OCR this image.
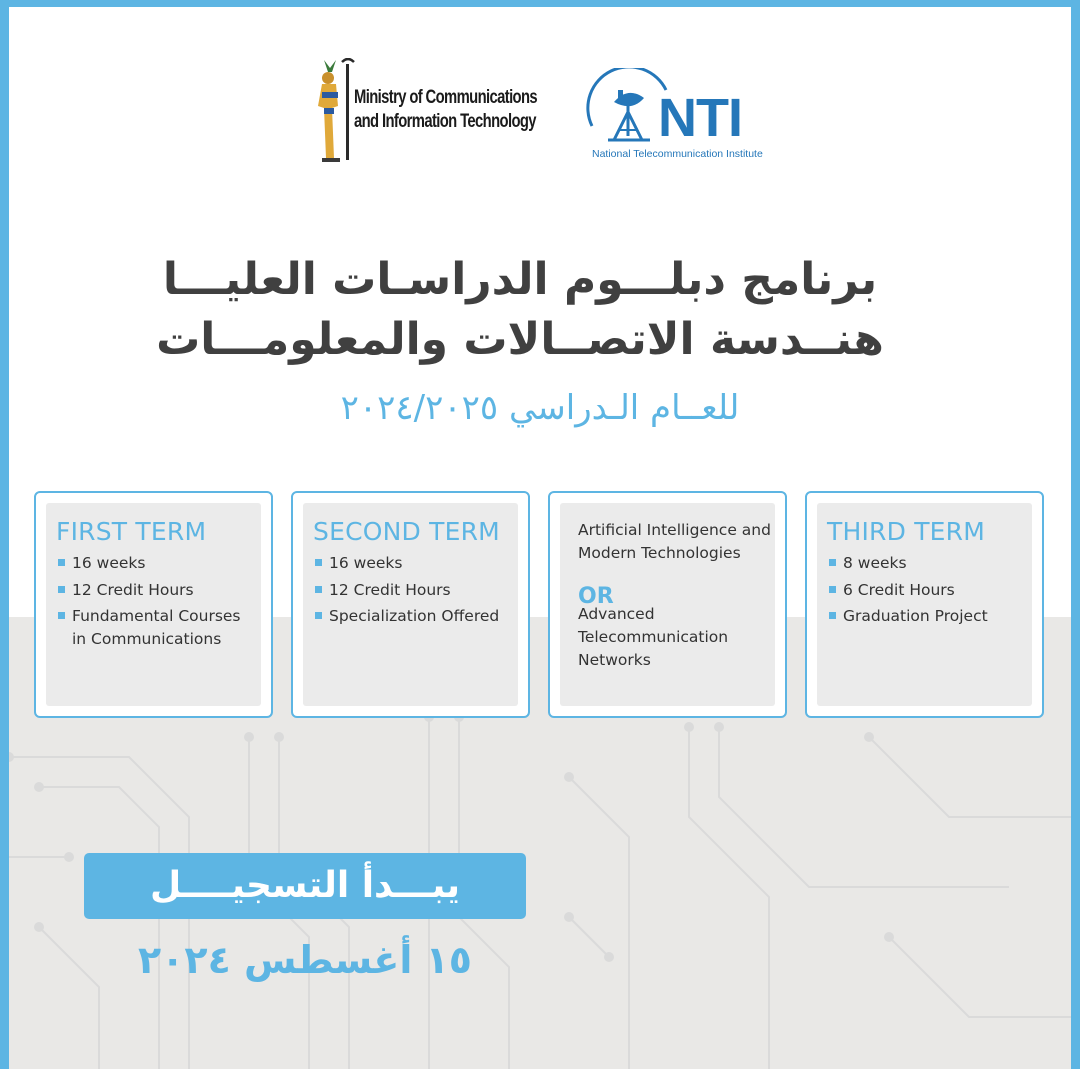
Ministry of Communications
and Information Technology NTI
National Telecommunication Institute
برنامج دبلـــوم الدراسـات العليـــا
هنــدسة الاتصــالات والمعلومـــات
للعــام الـدراسي ٢٠٢٤/٢٠٢٥
FIRST TERM
16 weeks
12 Credit Hours
Fundamental Courses in Communications
SECOND TERM
16 weeks
12 Credit Hours
Specialization Offered
Artificial Intelligence and Modern Technologies
OR
Advanced Telecommunication Networks
THIRD TERM
8 weeks
6 Credit Hours
Graduation Project
يبـــدأ التسجيــــل
١٥ أغسطس ٢٠٢٤
